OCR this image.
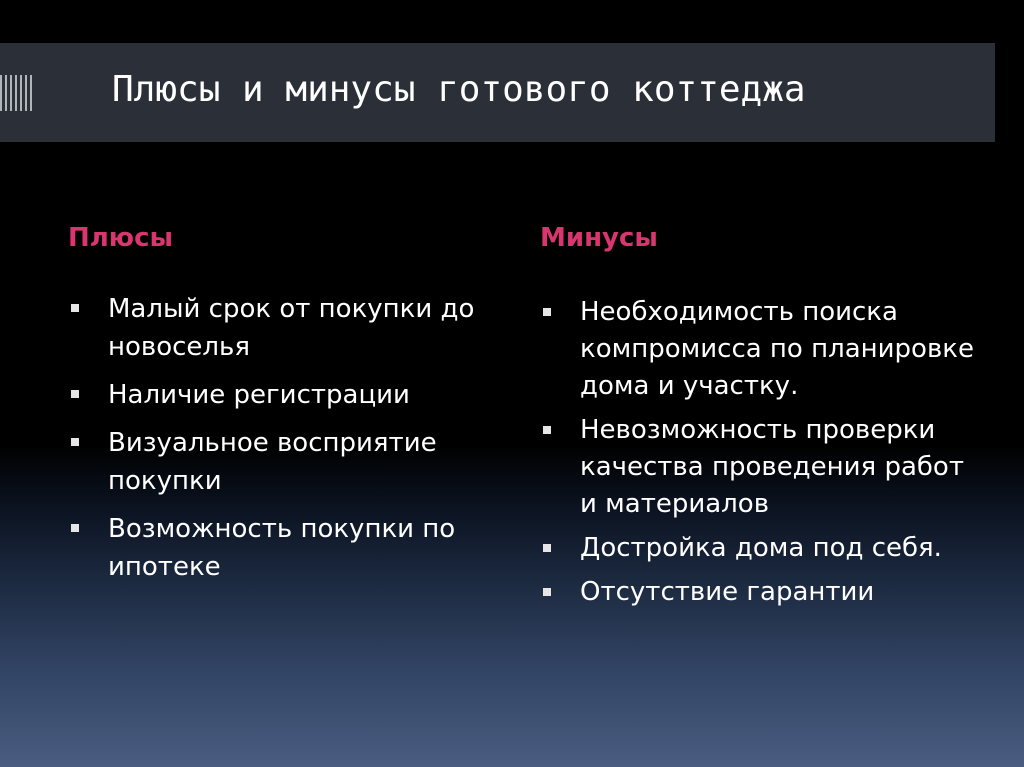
Плюсы и минусы готового коттеджа
Плюсы
Малый срок от покупки до новоселья
Наличие регистрации
Визуальное восприятие покупки
Возможность покупки по ипотеке
Минусы
Необходимость поиска компромисса по планировке дома и участку.
Невозможность проверки качества проведения работ и материалов
Достройка дома под себя.
Отсутствие гарантии
